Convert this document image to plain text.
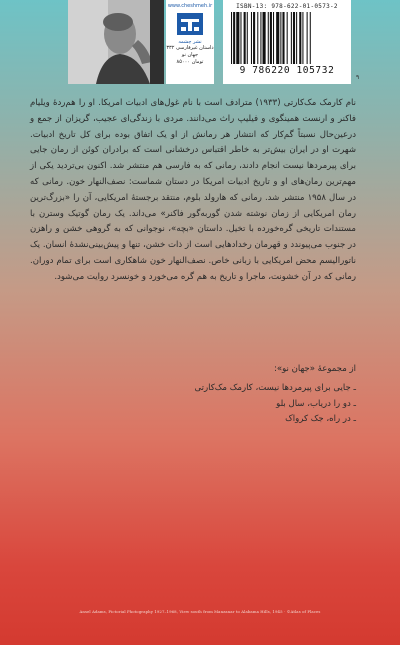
www.cheshmeh.ir
نشر چشمه
داستان غیرفارسی ۳۳۲
جهان نو
۸۵۰۰۰ تومان
ISBN-13: 978-622-01-0573-2
9 786220 105732
۹

نام کارمک مک‌کارتی (۱۹۳۳) مترادف است با نام غول‌های ادبیات امریکا. او را هم‌ردهٔ ویلیام فاکنر و ارنست همینگوی و فیلیپ راث می‌دانند. مردی با زندگی‌ای عجیب، گریزان از جمع و درعین‌حال نسبتاً گم‌کار که انتشار هر رمانش از او یک اتفاق بوده برای کل تاریخ ادبیات. شهرت او در ایران بیش‌تر به خاطر اقتباس درخشانی است که برادران کوئن از رمان جایی برای پیرمردها نیست انجام دادند، رمانی که به فارسی هم منتشر شد. اکنون بی‌تردید یکی از مهم‌ترین رمان‌های او و تاریخ ادبیات امریکا در دستان شماست: نصف‌النهار خون. رمانی که در سال ۱۹۵۸ منتشر شد. رمانی که هارولد بلوم، منتقد برجستهٔ امریکایی، آن را «بزرگ‌ترین رمان امریکایی از زمان نوشته شدن گوربه‌گور فاکنر» می‌داند. یک رمان گوتیک وسترن با مستندات تاریخی گره‌خورده با تخیل. داستان «بچه»، نوجوانی که به گروهی خشن و راهزن در جنوب می‌پیوندد و قهرمان رخدادهایی است از ذات خشن، تنها و پیش‌بینی‌نشدهٔ انسان. یک ناتورالیسم محض امریکایی با زبانی خاص. نصف‌النهار خون شاهکاری است برای تمام دوران. رمانی که در آن خشونت، ماجرا و تاریخ به هم گره می‌خورد و خونسرد روایت می‌شود.

از مجموعهٔ «جهان نو»:
ـ جایی برای پیرمردها نیست، کارمک مک‌کارتی
ـ دو را دریاب، سال بلو
ـ در راه، جک کرواک
Ansel Adams, Pictorial Photography 1927–1968, View south from Manzanar to Alabama Hills, 1945 · ©Atlas of Places
